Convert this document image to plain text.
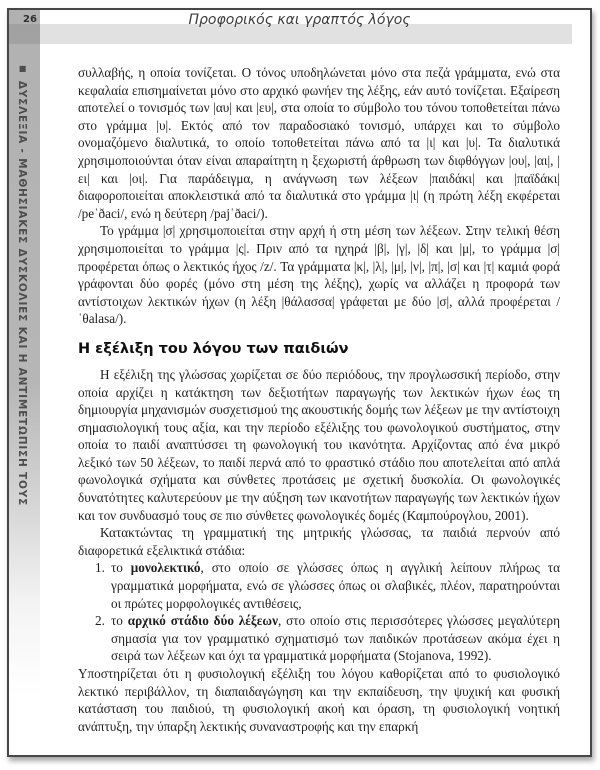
26	Προφορικός και γραπτός λόγος
■ΔΥΣΛΕΞΙΑ - ΜΑΘΗΣΙΑΚΕΣ ΔΥΣΚΟΛΙΕΣ ΚΑΙ Η ΑΝΤΙΜΕΤΩΠΙΣΗ ΤΟΥΣ

συλλαβής, η οποία τονίζεται. Ο τόνος υποδηλώνεται μόνο στα πεζά γράμματα, ενώ στα κεφαλαία επισημαίνεται μόνο στο αρχικό φωνήεν της λέξης, εάν αυτό τονίζεται. Εξαίρεση αποτελεί ο τονισμός των |αυ| και |ευ|, στα οποία το σύμβολο του τόνου τοποθετείται πάνω στο γράμμα |υ|. Εκτός από τον παραδοσιακό τονισμό, υπάρχει και το σύμβολο ονομαζόμενο διαλυτικά, το οποίο τοποθετείται πάνω από τα |ι| και |υ|. Τα διαλυτικά χρησιμοποιούνται όταν είναι απαραίτητη η ξεχωριστή άρθρωση των διφθόγγων |ου|, |αι|, |ει| και |οι|. Για παράδειγμα, η ανάγνωση των λέξεων |παιδάκι| και |παϊδάκι| διαφοροποιείται αποκλειστικά από τα διαλυτικά στο γράμμα |ι| (η πρώτη λέξη εκφέρεται /peˈðaci/, ενώ η δεύτερη /pajˈðaci/).

Το γράμμα |σ| χρησιμοποιείται στην αρχή ή στη μέση των λέξεων. Στην τελική θέση χρησιμοποιείται το γράμμα |ς|. Πριν από τα ηχηρά |β|, |γ|, |δ| και |μ|, το γράμμα |σ| προφέρεται όπως ο λεκτικός ήχος /z/. Τα γράμματα |κ|, |λ|, |μ|, |ν|, |π|, |σ| και |τ| καμιά φορά γράφονται δύο φορές (μόνο στη μέση της λέξης), χωρίς να αλλάζει η προφορά των αντίστοιχων λεκτικών ήχων (η λέξη |θάλασσα| γράφεται με δύο |σ|, αλλά προφέρεται /ˈθalasa/).

Η εξέλιξη του λόγου των παιδιών

Η εξέλιξη της γλώσσας χωρίζεται σε δύο περιόδους, την προγλωσσική περίοδο, στην οποία αρχίζει η κατάκτηση των δεξιοτήτων παραγωγής των λεκτικών ήχων έως τη δημιουργία μηχανισμών συσχετισμού της ακουστικής δομής των λέξεων με την αντίστοιχη σημασιολογική τους αξία, και την περίοδο εξέλιξης του φωνολογικού συστήματος, στην οποία το παιδί αναπτύσσει τη φωνολογική του ικανότητα. Αρχίζοντας από ένα μικρό λεξικό των 50 λέξεων, το παιδί περνά από το φραστικό στάδιο που αποτελείται από απλά φωνολογικά σχήματα και σύνθετες προτάσεις με σχετική δυσκολία. Οι φωνολογικές δυνατότητες καλυτερεύουν με την αύξηση των ικανοτήτων παραγωγής των λεκτικών ήχων και τον συνδυασμό τους σε πιο σύνθετες φωνολογικές δομές (Καμπούρογλου, 2001).

Κατακτώντας τη γραμματική της μητρικής γλώσσας, τα παιδιά περνούν από διαφορετικά εξελικτικά στάδια:

1. το μονολεκτικό, στο οποίο σε γλώσσες όπως η αγγλική λείπουν πλήρως τα γραμματικά μορφήματα, ενώ σε γλώσσες όπως οι σλαβικές, πλέον, παρατηρούνται οι πρώτες μορφολογικές αντιθέσεις,
2. το αρχικό στάδιο δύο λέξεων, στο οποίο στις περισσότερες γλώσσες μεγαλύτερη σημασία για τον γραμματικό σχηματισμό των παιδικών προτάσεων ακόμα έχει η σειρά των λέξεων και όχι τα γραμματικά μορφήματα (Stojanova, 1992).

Υποστηρίζεται ότι η φυσιολογική εξέλιξη του λόγου καθορίζεται από το φυσιολογικό λεκτικό περιβάλλον, τη διαπαιδαγώγηση και την εκπαίδευση, την ψυχική και φυσική κατάσταση του παιδιού, τη φυσιολογική ακοή και όραση, τη φυσιολογική νοητική ανάπτυξη, την ύπαρξη λεκτικής συναναστροφής και την επαρκή
